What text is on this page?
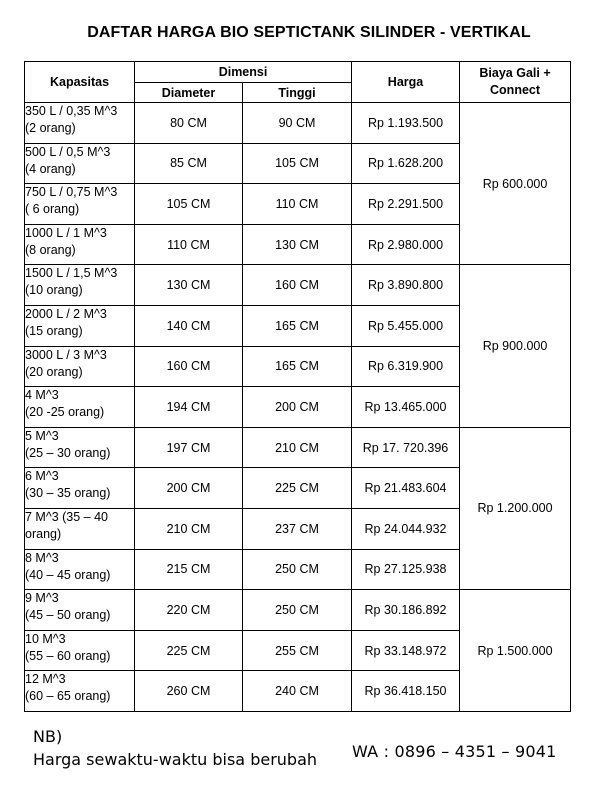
DAFTAR HARGA BIO SEPTICTANK SILINDER - VERTIKAL
Kapasitas	Dimensi		Harga	Biaya Gali +
Connect
	Diameter	Tinggi		
350 L / 0,35 M^3
(2 orang)	80 CM	90 CM	Rp 1.193.500	Rp 600.000
500 L / 0,5 M^3
(4 orang)	85 CM	105 CM	Rp 1.628.200	
750 L / 0,75 M^3
( 6 orang)	105 CM	110 CM	Rp 2.291.500	
1000 L / 1 M^3
(8 orang)	110 CM	130 CM	Rp 2.980.000	
1500 L / 1,5 M^3
(10 orang)	130 CM	160 CM	Rp 3.890.800	Rp 900.000
2000 L / 2 M^3
(15 orang)	140 CM	165 CM	Rp 5.455.000	
3000 L / 3 M^3
(20 orang)	160 CM	165 CM	Rp 6.319.900	
4 M^3
(20 -25 orang)	194 CM	200 CM	Rp 13.465.000	
5 M^3
(25 – 30 orang)	197 CM	210 CM	Rp 17. 720.396	Rp 1.200.000
6 M^3
(30 – 35 orang)	200 CM	225 CM	Rp 21.483.604	
7 M^3 (35 – 40
orang)	210 CM	237 CM	Rp 24.044.932	
8 M^3
(40 – 45 orang)	215 CM	250 CM	Rp 27.125.938	
9 M^3
(45 – 50 orang)	220 CM	250 CM	Rp 30.186.892	Rp 1.500.000
10 M^3
(55 – 60 orang)	225 CM	255 CM	Rp 33.148.972	
12 M^3
(60 – 65 orang)	260 CM	240 CM	Rp 36.418.150	
NB)
Harga sewaktu-waktu bisa berubah WA : 0896 – 4351 – 9041
